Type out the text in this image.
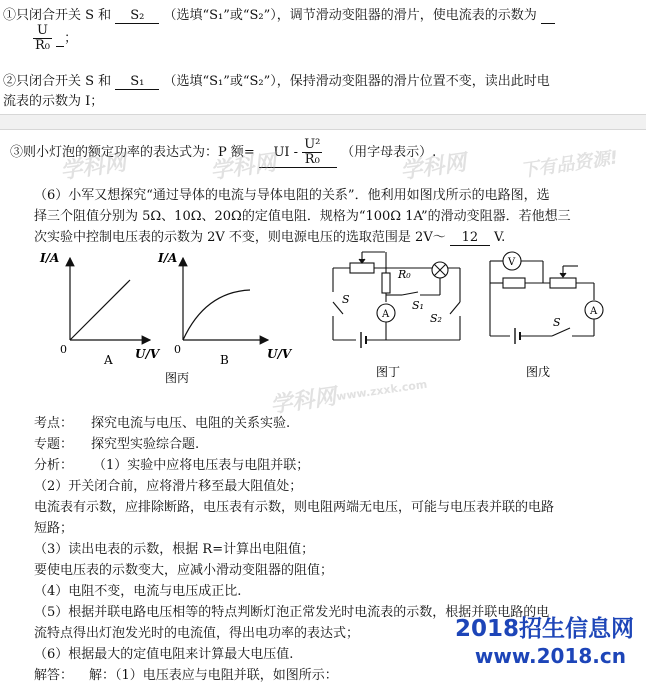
①只闭合开关 S 和 S₂ （选填“S₁”或“S₂”），调节滑动变阻器的滑片，使电流表的示数为
$\frac{U}{\text{R₀}}$ ；
②只闭合开关 S 和 S₁ （选填“S₁”或“S₂”），保持滑动变阻器的滑片位置不变，读出此时电
流表的示数为 I；
③则小灯泡的额定功率的表达式为：P 额= UI - $\frac{\text{U²}}{\text{R₀}}$ （用字母表示）.
（6）小军又想探究“通过导体的电流与导体电阻的关系”．他利用如图戊所示的电路图，选
择三个阻值分别为 5Ω、10Ω、20Ω的定值电阻．规格为“100Ω 1A”的滑动变阻器．若他想三
次实验中控制电压表的示数为 2V 不变，则电源电压的选取范围是 2V～ 12 V.
I/A
U/V
0
A
I/A
U/V
0
B
图丙
R₀
S	S₁
S₂
A
图丁
V
A
S
图戊
考点： 探究电流与电压、电阻的关系实验.
专题： 探究型实验综合题.
分析： （1）实验中应将电压表与电阻并联；
（2）开关闭合前，应将滑片移至最大阻值处；
电流表有示数，应排除断路，电压表有示数，则电阻两端无电压，可能与电压表并联的电路
短路；
（3）读出电表的示数，根据 R=计算出电阻值；
要使电压表的示数变大，应减小滑动变阻器的阻值；
（4）电阻不变，电流与电压成正比.
（5）根据并联电路电压相等的特点判断灯泡正常发光时电流表的示数，根据并联电路的电
流特点得出灯泡发光时的电流值，得出电功率的表达式；
（6）根据最大的定值电阻来计算最大电压值.
解答： 解：（1）电压表应与电阻并联，如图所示：
学科网	学科网	学科网	下有品资源!
学科网
www.zxxk.com
2018招生信息网
www.2018.cn
